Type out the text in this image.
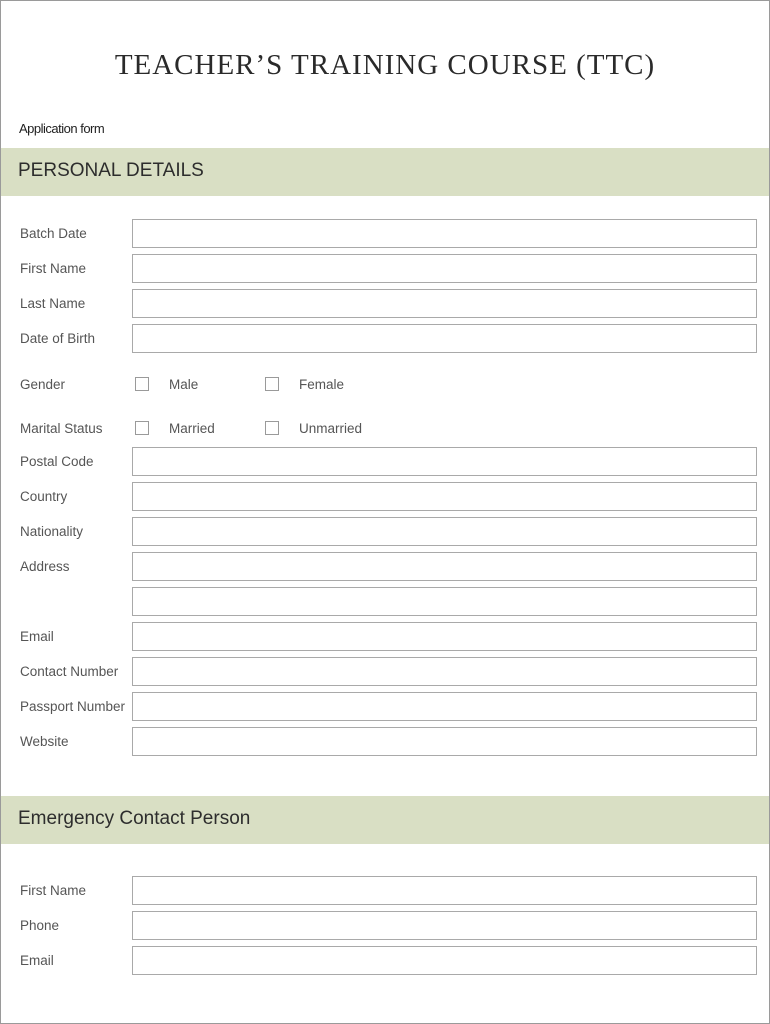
TEACHER’S TRAINING COURSE (TTC)
Application form
PERSONAL DETAILS
Batch Date
First Name
Last Name
Date of Birth
Gender	Male	Female
Marital Status	Married	Unmarried
Postal Code
Country
Nationality
Address
Email
Contact Number
Passport Number
Website
Emergency Contact Person
First Name
Phone
Email
